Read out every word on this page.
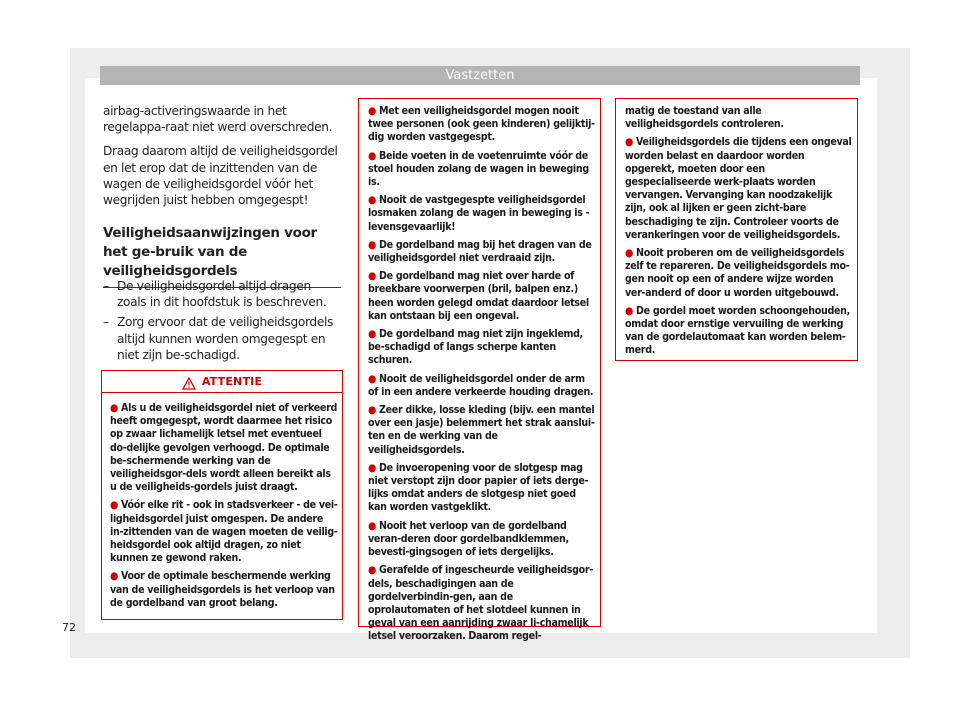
Vastzetten

airbag-activeringswaarde in het regelappa-raat niet werd overschreden.

Draag daarom altijd de veiligheidsgordel en let erop dat de inzittenden van de wagen de veiligheidsgordel vóór het wegrijden juist hebben omgegespt!

Veiligheidsaanwijzingen voor het ge-bruik van de veiligheidsgordels
– De veiligheidsgordel altijd dragen zoals in dit hoofdstuk is beschreven.
– Zorg ervoor dat de veiligheidsgordels altijd kunnen worden omgegespt en niet zijn be-schadigd.
ATTENTIE
● Als u de veiligheidsgordel niet of verkeerd heeft omgegespt, wordt daarmee het risico op zwaar lichamelijk letsel met eventueel do-delijke gevolgen verhoogd. De optimale be-schermende werking van de veiligheidsgor-dels wordt alleen bereikt als u de veiligheids-gordels juist draagt.
● Vóór elke rit - ook in stadsverkeer - de vei-ligheidsgordel juist omgespen. De andere in-zittenden van de wagen moeten de veilig-heidsgordel ook altijd dragen, zo niet kunnen ze gewond raken.
● Voor de optimale beschermende werking van de veiligheidsgordels is het verloop van de gordelband van groot belang.
● Met een veiligheidsgordel mogen nooit twee personen (ook geen kinderen) gelijktij-dig worden vastgegespt.
● Beide voeten in de voetenruimte vóór de stoel houden zolang de wagen in beweging is.
● Nooit de vastgegespte veiligheidsgordel losmaken zolang de wagen in beweging is - levensgevaarlijk!
● De gordelband mag bij het dragen van de veiligheidsgordel niet verdraaid zijn.
● De gordelband mag niet over harde of breekbare voorwerpen (bril, balpen enz.) heen worden gelegd omdat daardoor letsel kan ontstaan bij een ongeval.
● De gordelband mag niet zijn ingeklemd, be-schadigd of langs scherpe kanten schuren.
● Nooit de veiligheidsgordel onder de arm of in een andere verkeerde houding dragen.
● Zeer dikke, losse kleding (bijv. een mantel over een jasje) belemmert het strak aanslui-ten en de werking van de veiligheidsgordels.
● De invoeropening voor de slotgesp mag niet verstopt zijn door papier of iets derge-lijks omdat anders de slotgesp niet goed kan worden vastgeklikt.
● Nooit het verloop van de gordelband veran-deren door gordelbandklemmen, bevesti-gingsogen of iets dergelijks.
● Gerafelde of ingescheurde veiligheidsgor-dels, beschadigingen aan de gordelverbindin-gen, aan de oprolautomaten of het slotdeel kunnen in geval van een aanrijding zwaar li-chamelijk letsel veroorzaken. Daarom regel-
matig de toestand van alle veiligheidsgordels controleren.
● Veiligheidsgordels die tijdens een ongeval worden belast en daardoor worden opgerekt, moeten door een gespecialiseerde werk-plaats worden vervangen. Vervanging kan noodzakelijk zijn, ook al lijken er geen zicht-bare beschadiging te zijn. Controleer voorts de verankeringen voor de veiligheidsgordels.
● Nooit proberen om de veiligheidsgordels zelf te repareren. De veiligheidsgordels mo-gen nooit op een of andere wijze worden ver-anderd of door u worden uitgebouwd.
● De gordel moet worden schoongehouden, omdat door ernstige vervuiling de werking van de gordelautomaat kan worden belem-merd.
72
